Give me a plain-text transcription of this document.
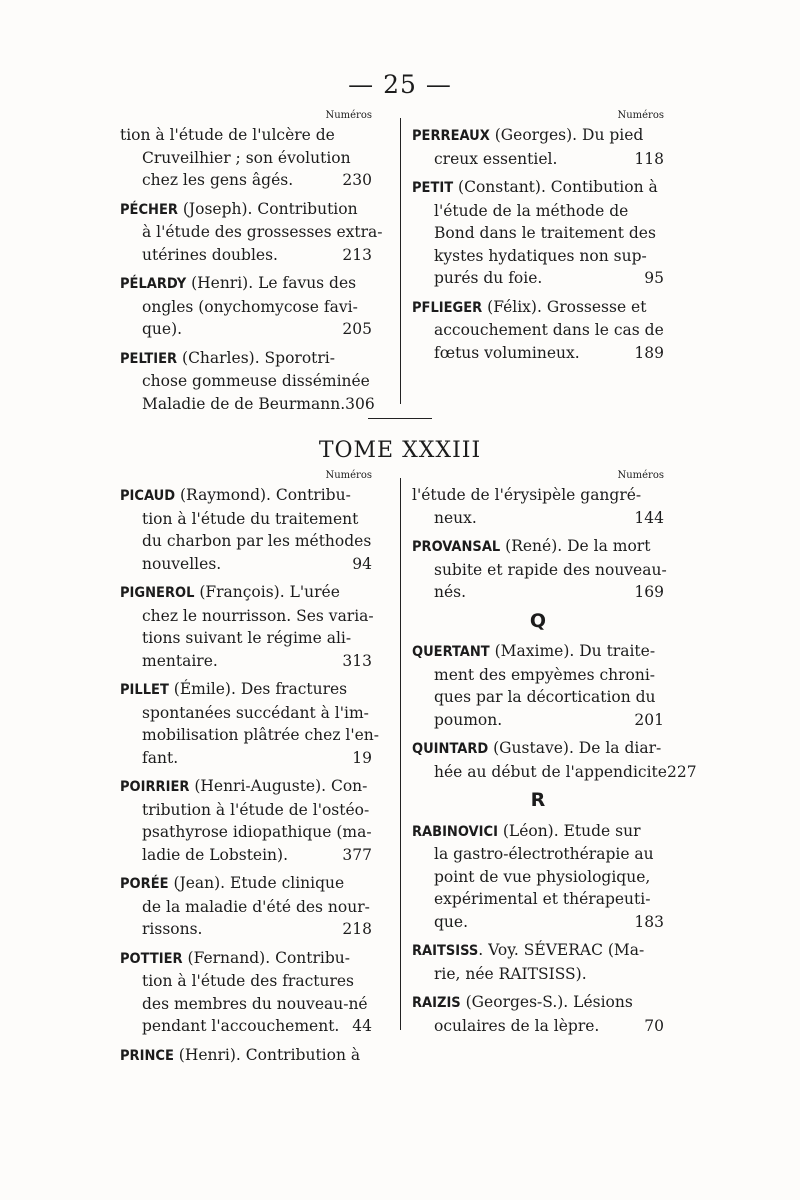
— 25 —
Numéros
tion à l'étude de l'ulcère de
Cruveilhier ; son évolution
chez les gens âgés.	230
PÉCHER (Joseph). Contribution
à l'étude des grossesses extra-
utérines doubles.	213
PÉLARDY (Henri). Le favus des
ongles (onychomycose favi-
que).	205
PELTIER (Charles). Sporotri-
chose gommeuse disséminée
Maladie de de Beurmann. 306
Numéros
PERREAUX (Georges). Du pied
creux essentiel.	118
PETIT (Constant). Contibution à
l'étude de la méthode de
Bond dans le traitement des
kystes hydatiques non sup-
purés du foie.	95
PFLIEGER (Félix). Grossesse et
accouchement dans le cas de
fœtus volumineux.	189
TOME XXXIII
Numéros
PICAUD (Raymond). Contribu-
tion à l'étude du traitement
du charbon par les méthodes
nouvelles.	94
PIGNEROL (François). L'urée
chez le nourrisson. Ses varia-
tions suivant le régime ali-
mentaire.	313
PILLET (Émile). Des fractures
spontanées succédant à l'im-
mobilisation plâtrée chez l'en-
fant.	19
POIRRIER (Henri-Auguste). Con-
tribution à l'étude de l'ostéo-
psathyrose idiopathique (ma-
ladie de Lobstein).	377
PORÉE (Jean). Etude clinique
de la maladie d'été des nour-
rissons.	218
POTTIER (Fernand). Contribu-
tion à l'étude des fractures
des membres du nouveau-né
pendant l'accouchement. 44
PRINCE (Henri). Contribution à
Numéros
l'étude de l'érysipèle gangré-
neux.	144
PROVANSAL (René). De la mort
subite et rapide des nouveau-
nés.	169
Q
QUERTANT (Maxime). Du traite-
ment des empyèmes chroni-
ques par la décortication du
poumon.	201
QUINTARD (Gustave). De la diar-
hée au début de l'appendicite 227
R
RABINOVICI (Léon). Etude sur
la gastro-électrothérapie au
point de vue physiologique,
expérimental et thérapeuti-
que.	183
RAITSISS. Voy. SÉVERAC (Ma-
rie, née RAITSISS).
RAIZIS (Georges-S.). Lésions
oculaires de la lèpre.	70
